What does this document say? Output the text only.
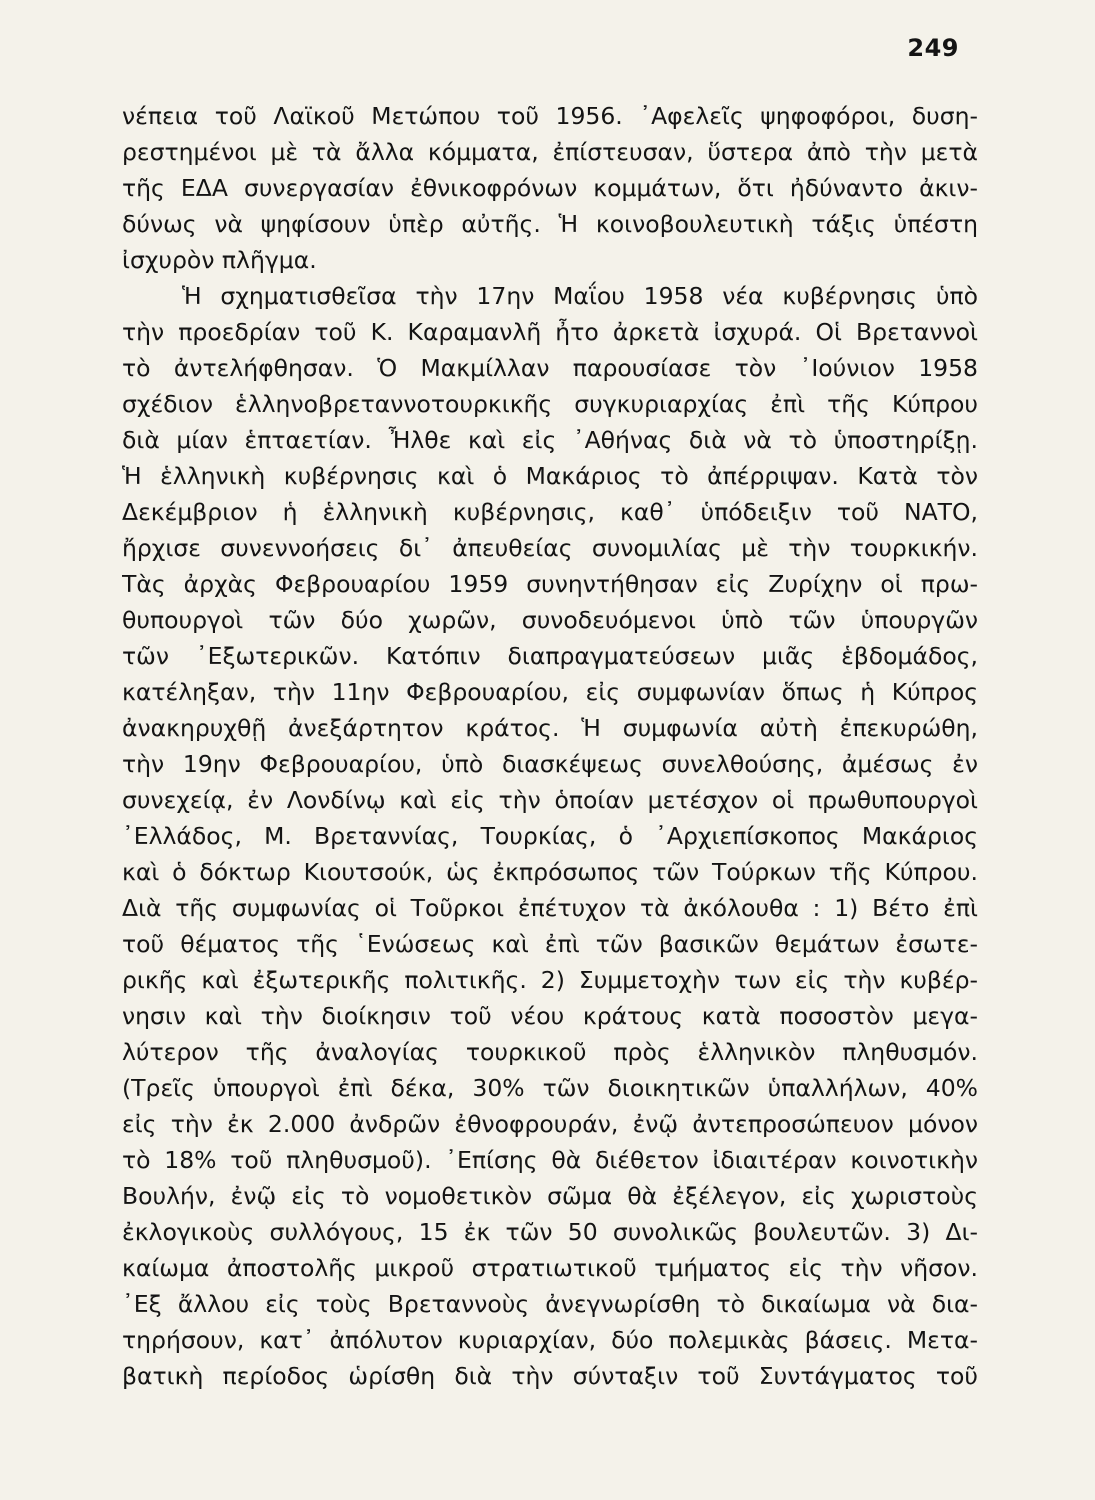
249
νέπεια τοῦ Λαϊκοῦ Μετώπου τοῦ 1956. ᾿Αφελεῖς ψηφοφόροι, δυση-
ρεστημένοι μὲ τὰ ἄλλα κόμματα, ἐπίστευσαν, ὕστερα ἀπὸ τὴν μετὰ
τῆς ΕΔΑ συνεργασίαν ἐθνικοφρόνων κομμάτων, ὅτι ἠδύναντο ἀκιν-
δύνως νὰ ψηφίσουν ὑπὲρ αὐτῆς. Ἡ κοινοβουλευτικὴ τάξις ὑπέστη
ἰσχυρὸν πλῆγμα.
Ἡ σχηματισθεῖσα τὴν 17ην Μαΐου 1958 νέα κυβέρνησις ὑπὸ
τὴν προεδρίαν τοῦ Κ. Καραμανλῆ ἦτο ἀρκετὰ ἰσχυρά. Οἱ Βρεταννοὶ
τὸ ἀντελήφθησαν. Ὁ Μακμίλλαν παρουσίασε τὸν ᾿Ιούνιον 1958
σχέδιον ἑλληνοβρεταννοτουρκικῆς συγκυριαρχίας ἐπὶ τῆς Κύπρου
διὰ μίαν ἑπταετίαν. Ἦλθε καὶ εἰς ᾿Αθήνας διὰ νὰ τὸ ὑποστηρίξῃ.
Ἡ ἑλληνικὴ κυβέρνησις καὶ ὁ Μακάριος τὸ ἀπέρριψαν. Κατὰ τὸν
Δεκέμβριον ἡ ἑλληνικὴ κυβέρνησις, καθ᾿ ὑπόδειξιν τοῦ ΝΑΤΟ,
ἤρχισε συνεννοήσεις δι᾿ ἀπευθείας συνομιλίας μὲ τὴν τουρκικήν.
Τὰς ἀρχὰς Φεβρουαρίου 1959 συνηντήθησαν εἰς Ζυρίχην οἱ πρω-
θυπουργοὶ τῶν δύο χωρῶν, συνοδευόμενοι ὑπὸ τῶν ὑπουργῶν
τῶν ᾿Εξωτερικῶν. Κατόπιν διαπραγματεύσεων μιᾶς ἑβδομάδος,
κατέληξαν, τὴν 11ην Φεβρουαρίου, εἰς συμφωνίαν ὅπως ἡ Κύπρος
ἀνακηρυχθῇ ἀνεξάρτητον κράτος. Ἡ συμφωνία αὐτὴ ἐπεκυρώθη,
τὴν 19ην Φεβρουαρίου, ὑπὸ διασκέψεως συνελθούσης, ἀμέσως ἐν
συνεχείᾳ, ἐν Λονδίνῳ καὶ εἰς τὴν ὁποίαν μετέσχον οἱ πρωθυπουργοὶ
᾿Ελλάδος, Μ. Βρεταννίας, Τουρκίας, ὁ ᾿Αρχιεπίσκοπος Μακάριος
καὶ ὁ δόκτωρ Κιουτσούκ, ὡς ἐκπρόσωπος τῶν Τούρκων τῆς Κύπρου.
Διὰ τῆς συμφωνίας οἱ Τοῦρκοι ἐπέτυχον τὰ ἀκόλουθα : 1) Βέτο ἐπὶ
τοῦ θέματος τῆς ῾Ενώσεως καὶ ἐπὶ τῶν βασικῶν θεμάτων ἐσωτε-
ρικῆς καὶ ἐξωτερικῆς πολιτικῆς. 2) Συμμετοχὴν των εἰς τὴν κυβέρ-
νησιν καὶ τὴν διοίκησιν τοῦ νέου κράτους κατὰ ποσοστὸν μεγα-
λύτερον τῆς ἀναλογίας τουρκικοῦ πρὸς ἑλληνικὸν πληθυσμόν.
(Τρεῖς ὑπουργοὶ ἐπὶ δέκα, 30% τῶν διοικητικῶν ὑπαλλήλων, 40%
εἰς τὴν ἐκ 2.000 ἀνδρῶν ἐθνοφρουράν, ἐνῷ ἀντεπροσώπευον μόνον
τὸ 18% τοῦ πληθυσμοῦ). ᾿Επίσης θὰ διέθετον ἰδιαιτέραν κοινοτικὴν
Βουλήν, ἐνῷ εἰς τὸ νομοθετικὸν σῶμα θὰ ἐξέλεγον, εἰς χωριστοὺς
ἐκλογικοὺς συλλόγους, 15 ἐκ τῶν 50 συνολικῶς βουλευτῶν. 3) Δι-
καίωμα ἀποστολῆς μικροῦ στρατιωτικοῦ τμήματος εἰς τὴν νῆσον.
᾿Εξ ἄλλου εἰς τοὺς Βρεταννοὺς ἀνεγνωρίσθη τὸ δικαίωμα νὰ δια-
τηρήσουν, κατ᾿ ἀπόλυτον κυριαρχίαν, δύο πολεμικὰς βάσεις. Μετα-
βατικὴ περίοδος ὡρίσθη διὰ τὴν σύνταξιν τοῦ Συντάγματος τοῦ
